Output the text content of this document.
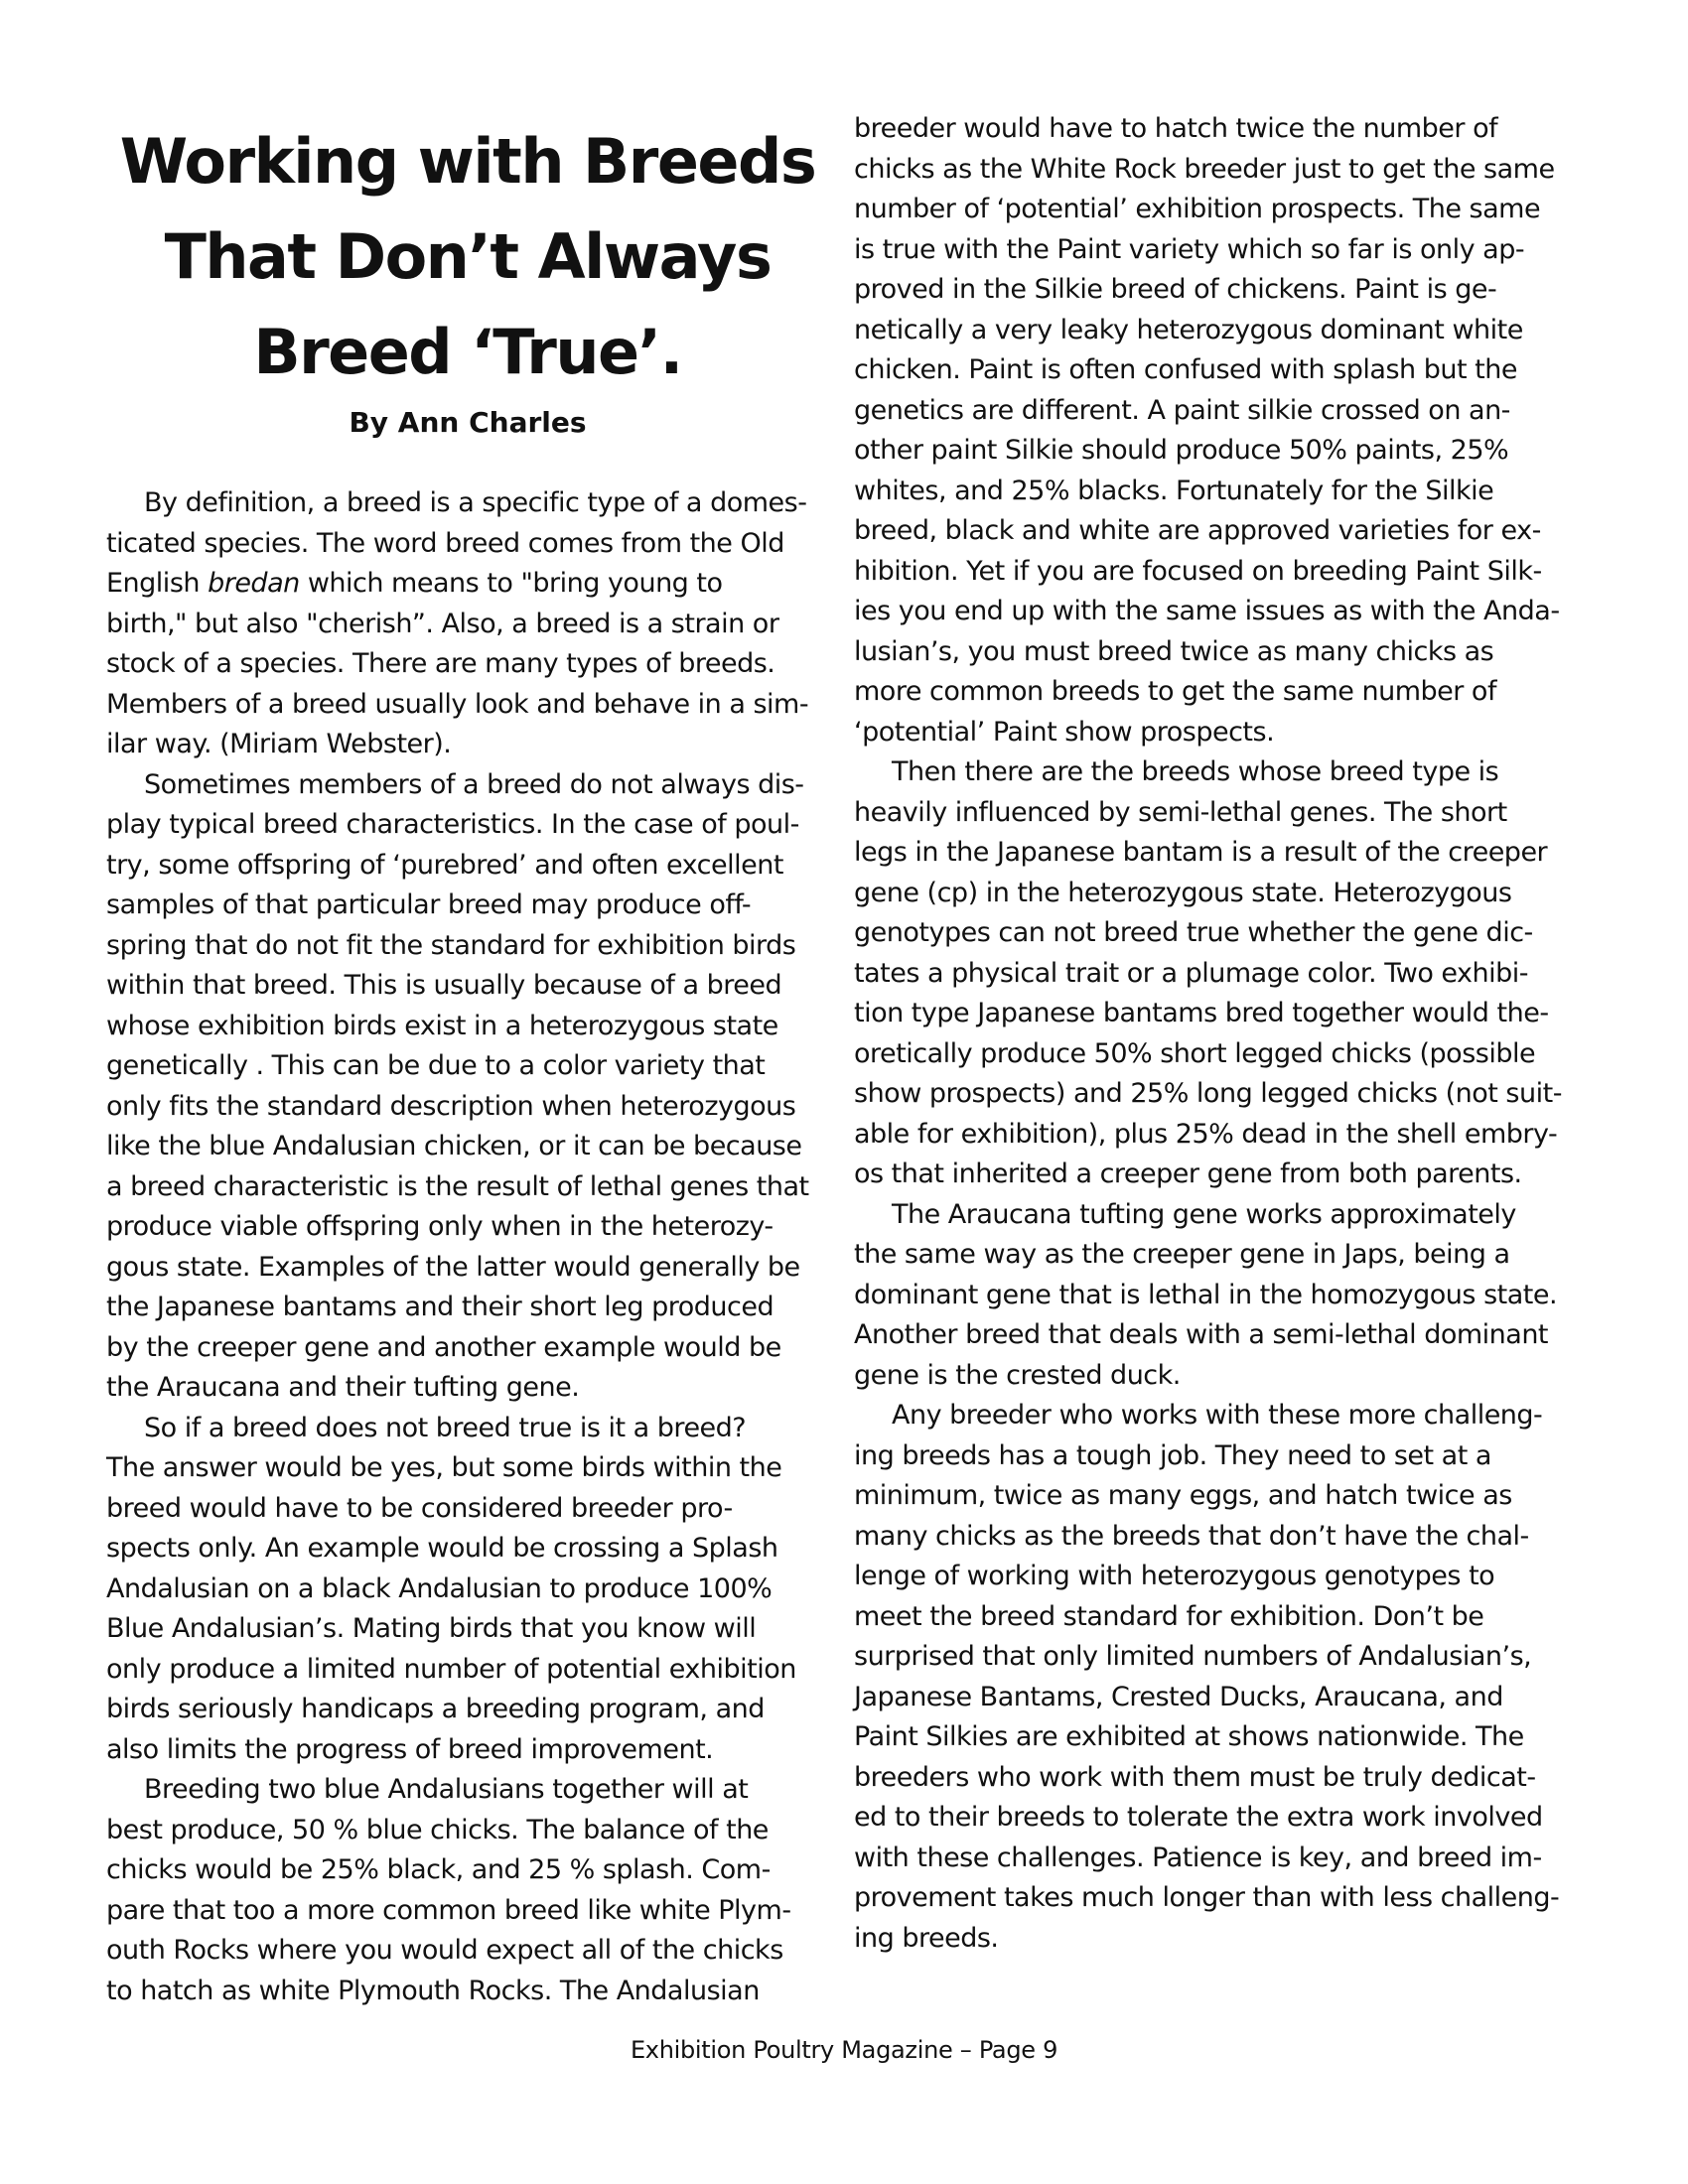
Working with Breeds
That Don’t Always
Breed ‘True’.
By Ann Charles

By definition, a breed is a specific type of a domes-
ticated species. The word breed comes from the Old
English bredan which means to "bring young to
birth," but also "cherish”. Also, a breed is a strain or
stock of a species. There are many types of breeds.
Members of a breed usually look and behave in a sim-
ilar way. (Miriam Webster).

Sometimes members of a breed do not always dis-
play typical breed characteristics. In the case of poul-
try, some offspring of ‘purebred’ and often excellent
samples of that particular breed may produce off-
spring that do not fit the standard for exhibition birds
within that breed. This is usually because of a breed
whose exhibition birds exist in a heterozygous state
genetically . This can be due to a color variety that
only fits the standard description when heterozygous
like the blue Andalusian chicken, or it can be because
a breed characteristic is the result of lethal genes that
produce viable offspring only when in the heterozy-
gous state. Examples of the latter would generally be
the Japanese bantams and their short leg produced
by the creeper gene and another example would be
the Araucana and their tufting gene.

So if a breed does not breed true is it a breed?
The answer would be yes, but some birds within the
breed would have to be considered breeder pro-
spects only. An example would be crossing a Splash
Andalusian on a black Andalusian to produce 100%
Blue Andalusian’s. Mating birds that you know will
only produce a limited number of potential exhibition
birds seriously handicaps a breeding program, and
also limits the progress of breed improvement.

Breeding two blue Andalusians together will at
best produce, 50 % blue chicks. The balance of the
chicks would be 25% black, and 25 % splash. Com-
pare that too a more common breed like white Plym-
outh Rocks where you would expect all of the chicks
to hatch as white Plymouth Rocks. The Andalusian

breeder would have to hatch twice the number of
chicks as the White Rock breeder just to get the same
number of ‘potential’ exhibition prospects. The same
is true with the Paint variety which so far is only ap-
proved in the Silkie breed of chickens. Paint is ge-
netically a very leaky heterozygous dominant white
chicken. Paint is often confused with splash but the
genetics are different. A paint silkie crossed on an-
other paint Silkie should produce 50% paints, 25%
whites, and 25% blacks. Fortunately for the Silkie
breed, black and white are approved varieties for ex-
hibition. Yet if you are focused on breeding Paint Silk-
ies you end up with the same issues as with the Anda-
lusian’s, you must breed twice as many chicks as
more common breeds to get the same number of
‘potential’ Paint show prospects.

Then there are the breeds whose breed type is
heavily influenced by semi-lethal genes. The short
legs in the Japanese bantam is a result of the creeper
gene (cp) in the heterozygous state. Heterozygous
genotypes can not breed true whether the gene dic-
tates a physical trait or a plumage color. Two exhibi-
tion type Japanese bantams bred together would the-
oretically produce 50% short legged chicks (possible
show prospects) and 25% long legged chicks (not suit-
able for exhibition), plus 25% dead in the shell embry-
os that inherited a creeper gene from both parents.

The Araucana tufting gene works approximately
the same way as the creeper gene in Japs, being a
dominant gene that is lethal in the homozygous state.
Another breed that deals with a semi-lethal dominant
gene is the crested duck.

Any breeder who works with these more challeng-
ing breeds has a tough job. They need to set at a
minimum, twice as many eggs, and hatch twice as
many chicks as the breeds that don’t have the chal-
lenge of working with heterozygous genotypes to
meet the breed standard for exhibition. Don’t be
surprised that only limited numbers of Andalusian’s,
Japanese Bantams, Crested Ducks, Araucana, and
Paint Silkies are exhibited at shows nationwide. The
breeders who work with them must be truly dedicat-
ed to their breeds to tolerate the extra work involved
with these challenges. Patience is key, and breed im-
provement takes much longer than with less challeng-
ing breeds.

Exhibition Poultry Magazine – Page 9
